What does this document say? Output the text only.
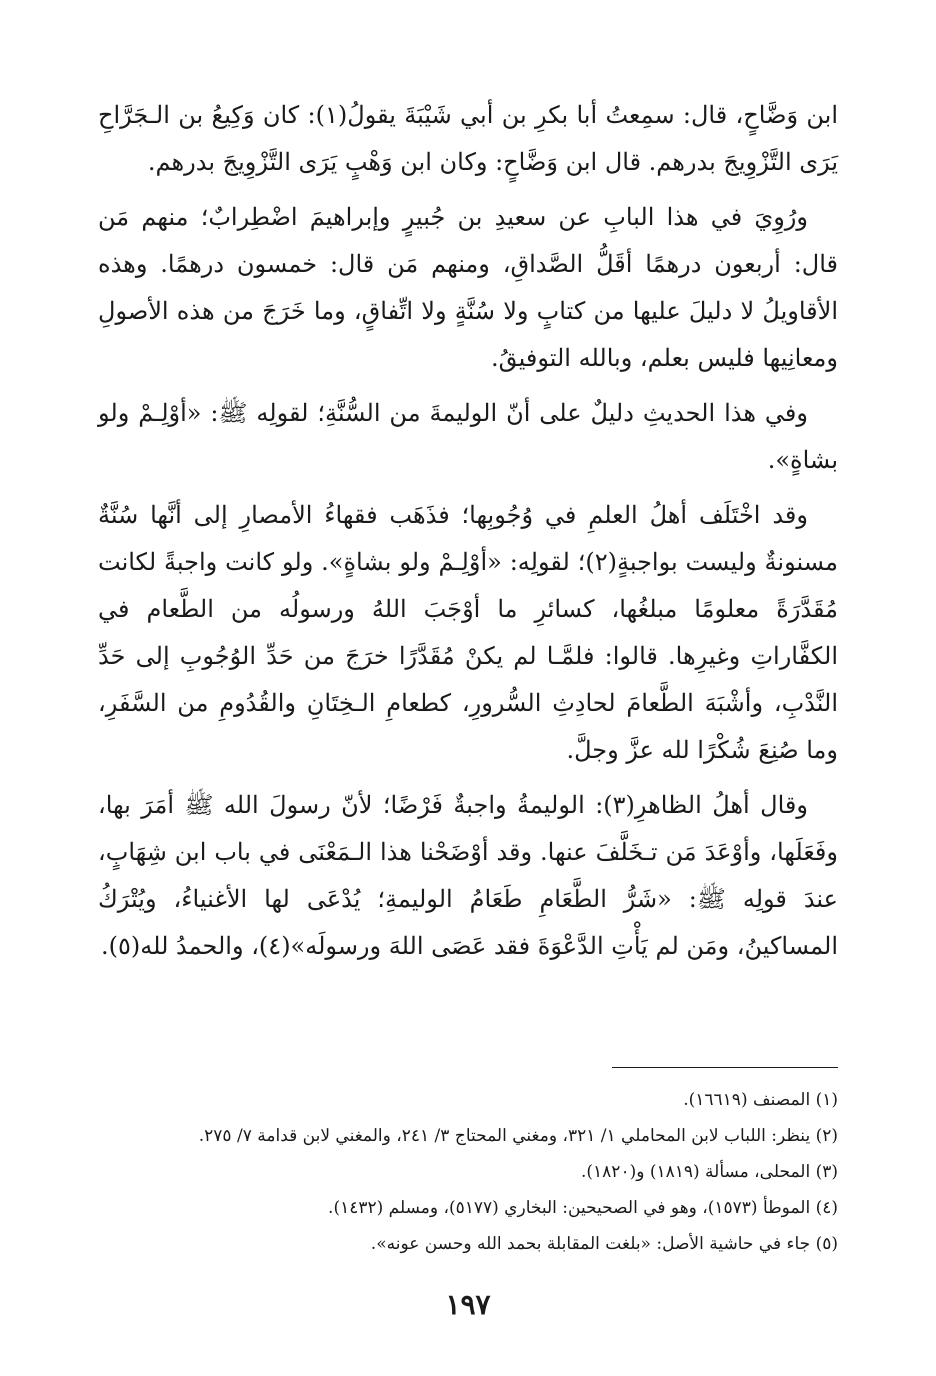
ابن وَضَّاحٍ، قال: سمِعتُ أبا بكرِ بن أبي شَيْبَةَ يقولُ(١): كان وَكِيعُ بن الـجَرَّاحِ يَرَى التَّزْوِيجَ بدرهم. قال ابن وَضَّاحٍ: وكان ابن وَهْبٍ يَرَى التَّزْوِيجَ بدرهم.

ورُوِيَ في هذا البابِ عن سعيدِ بن جُبيرٍ وإبراهيمَ اضْطِرابٌ؛ منهم مَن قال: أربعون درهمًا أقَلُّ الصَّداقِ، ومنهم مَن قال: خمسون درهمًا. وهذه الأقاويلُ لا دليلَ عليها من كتابٍ ولا سُنَّةٍ ولا اتِّفاقٍ، وما خَرَجَ من هذه الأصولِ ومعانِيها فليس بعلم، وبالله التوفيقُ.

وفي هذا الحديثِ دليلٌ على أنّ الوليمةَ من السُّنَّةِ؛ لقولِه ﷺ: «أوْلِـمْ ولو بشاةٍ».

وقد اخْتَلَف أهلُ العلمِ في وُجُوبِها؛ فذَهَب فقهاءُ الأمصارِ إلى أنَّها سُنَّةٌ مسنونةٌ وليست بواجبةٍ(٢)؛ لقولِه: «أوْلِـمْ ولو بشاةٍ». ولو كانت واجبةً لكانت مُقَدَّرَةً معلومًا مبلغُها، كسائرِ ما أوْجَبَ اللهُ ورسولُه من الطَّعام في الكفَّاراتِ وغيرِها. قالوا: فلمَّـا لم يكنْ مُقَدَّرًا خرَجَ من حَدِّ الوُجُوبِ إلى حَدِّ النَّدْبِ، وأشْبَهَ الطَّعامَ لحادِثِ السُّرورِ، كطعامِ الـخِتَانِ والقُدُومِ من السَّفَرِ، وما صُنِعَ شُكْرًا لله عزَّ وجلَّ.

وقال أهلُ الظاهرِ(٣): الوليمةُ واجبةٌ فَرْضًا؛ لأنّ رسولَ الله ﷺ أمَرَ بها، وفَعَلَها، وأوْعَدَ مَن تـخَلَّفَ عنها. وقد أوْضَحْنا هذا الـمَعْنَى في باب ابن شِهَابٍ، عندَ قولِه ﷺ: «شَرُّ الطَّعَامِ طَعَامُ الوليمةِ؛ يُدْعَى لها الأغنياءُ، ويُتْرَكُ المساكينُ، ومَن لم يَأْتِ الدَّعْوَةَ فقد عَصَى اللهَ ورسولَه»(٤)، والحمدُ لله(٥).

(١) المصنف (١٦٦١٩).

(٢) ينظر: اللباب لابن المحاملي ١/ ٣٢١، ومغني المحتاج ٣/ ٢٤١، والمغني لابن قدامة ٧/ ٢٧٥.

(٣) المحلى، مسألة (١٨١٩) و(١٨٢٠).

(٤) الموطأ (١٥٧٣)، وهو في الصحيحين: البخاري (٥١٧٧)، ومسلم (١٤٣٢).

(٥) جاء في حاشية الأصل: «بلغت المقابلة بحمد الله وحسن عونه».

١٩٧
